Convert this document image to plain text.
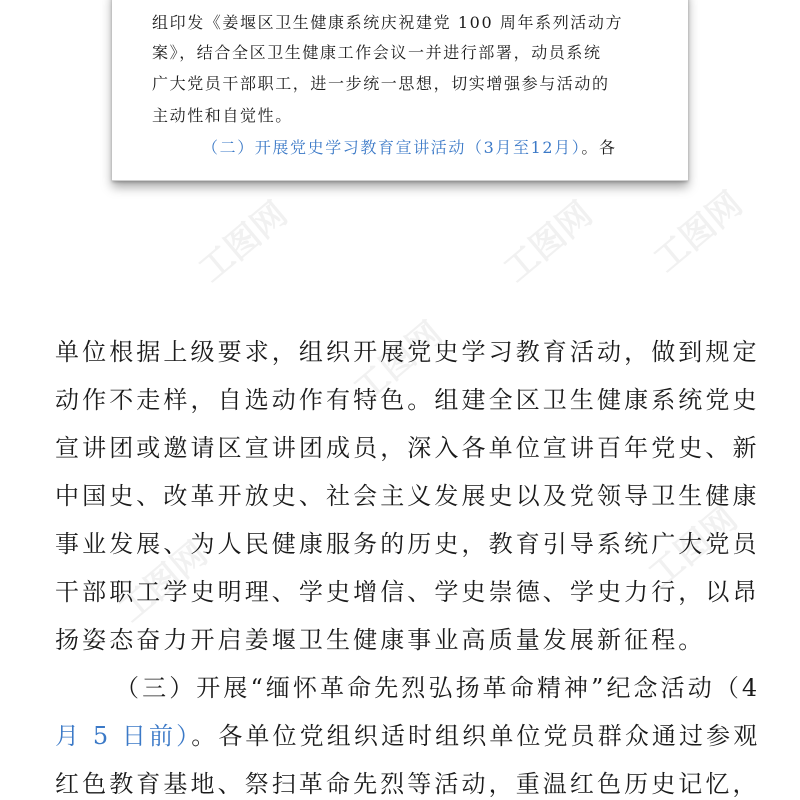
组印发《姜堰区卫生健康系统庆祝建党 100 周年系列活动方
案》，结合全区卫生健康工作会议一并进行部署，动员系统
广大党员干部职工，进一步统一思想，切实增强参与活动的
主动性和自觉性。
（二）开展党史学习教育宣讲活动（3月至12月）。各
单位根据上级要求，组织开展党史学习教育活动，做到规定
动作不走样，自选动作有特色。组建全区卫生健康系统党史
宣讲团或邀请区宣讲团成员，深入各单位宣讲百年党史、新
中国史、改革开放史、社会主义发展史以及党领导卫生健康
事业发展、为人民健康服务的历史，教育引导系统广大党员
干部职工学史明理、学史增信、学史崇德、学史力行，以昂
扬姿态奋力开启姜堰卫生健康事业高质量发展新征程。
（三）开展“缅怀革命先烈弘扬革命精神”纪念活动（4
月 5 日前）。各单位党组织适时组织单位党员群众通过参观
红色教育基地、祭扫革命先烈等活动，重温红色历史记忆，
